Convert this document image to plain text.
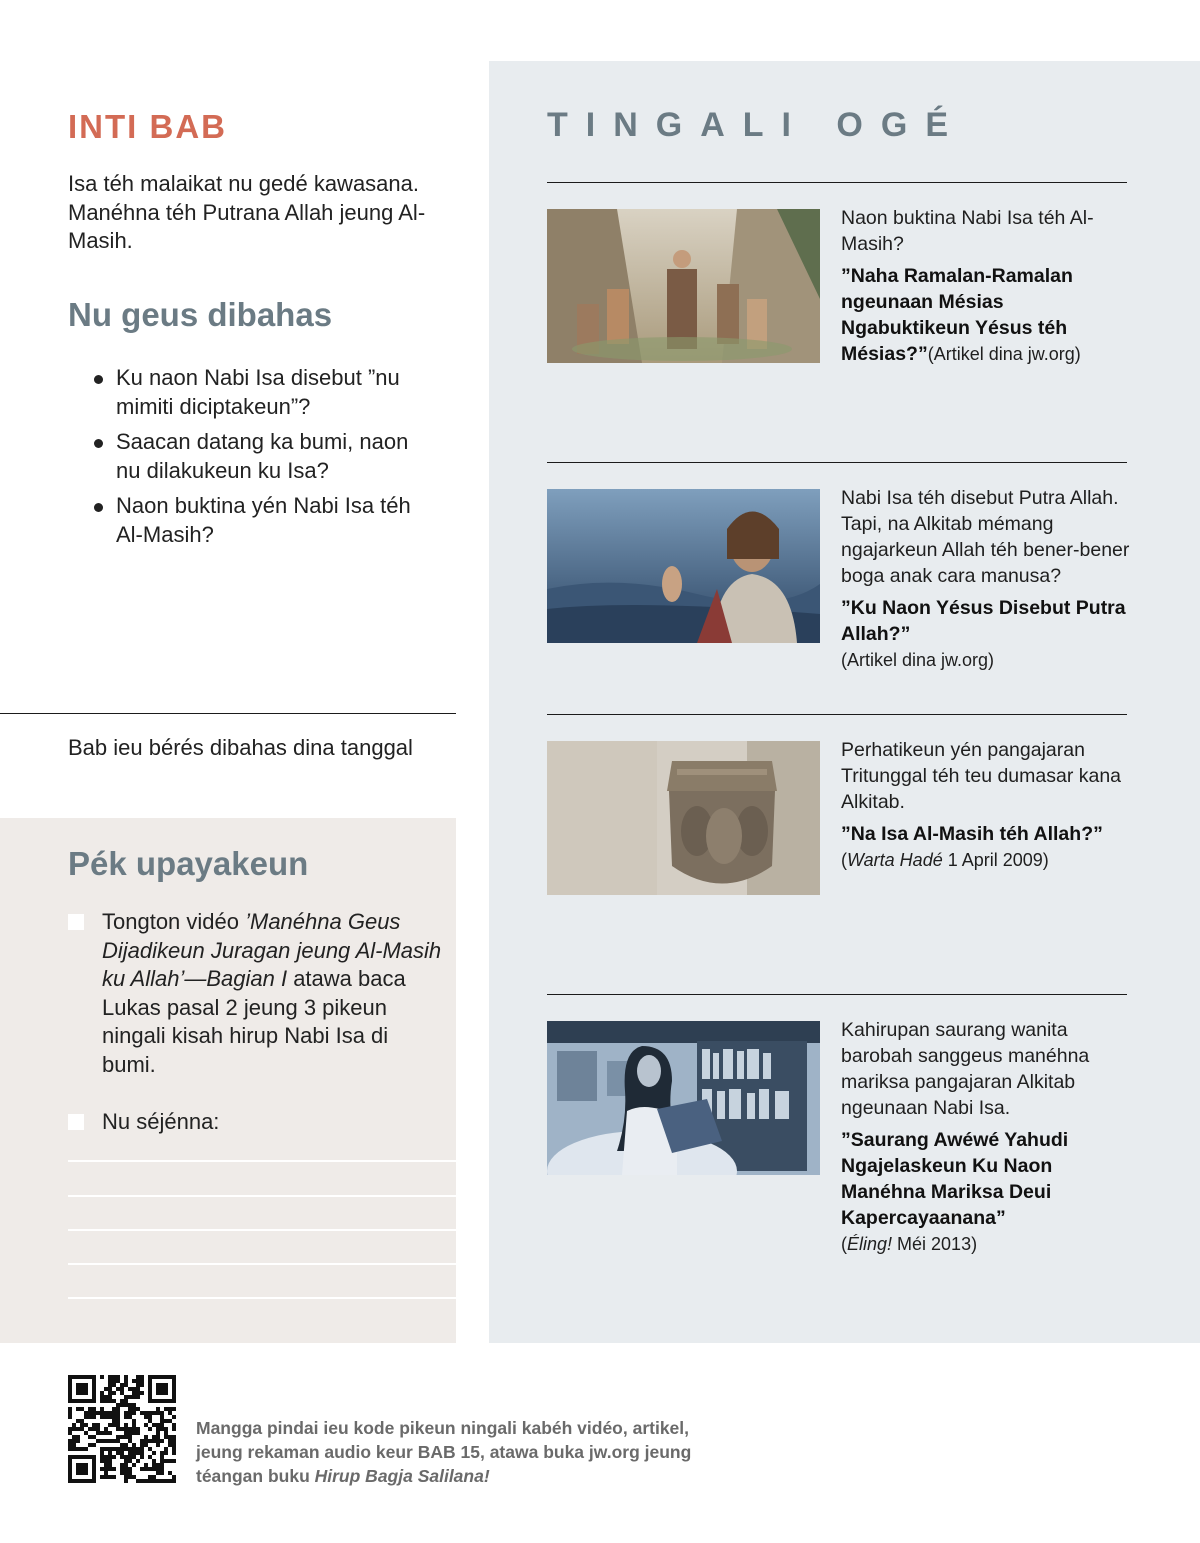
INTI BAB

Isa téh malaikat nu gedé kawasana. Manéhna téh Putrana Allah jeung Al-Masih.

Nu geus dibahas
Ku naon Nabi Isa disebut ”nu mimiti diciptakeun”?
Saacan datang ka bumi, naon nu dilakukeun ku Isa?
Naon buktina yén Nabi Isa téh Al-Masih?

Bab ieu bérés dibahas dina tanggal

Pék upayakeun
Tongton vidéo ’Manéhna Geus Dijadikeun Juragan jeung Al-Masih ku Allah’—Bagian I atawa baca Lukas pasal 2 jeung 3 pikeun ningali kisah hirup Nabi Isa di bumi.
Nu séjénna:
TINGALI OGÉ
Naon buktina Nabi Isa téh Al-Masih?
”Naha Ramalan-Ramalan ngeunaan Mésias Ngabuktikeun Yésus téh Mésias?”(Artikel dina jw.org)
Nabi Isa téh disebut Putra Allah. Tapi, na Alkitab mémang ngajarkeun Allah téh bener-bener boga anak cara manusa?
”Ku Naon Yésus Disebut Putra Allah?”
(Artikel dina jw.org)
Perhatikeun yén pangajaran Tritunggal téh teu dumasar kana Alkitab.
”Na Isa Al-Masih téh Allah?”
(Warta Hadé 1 April 2009)
Kahirupan saurang wanita barobah sanggeus manéhna mariksa pangajaran Alkitab ngeunaan Nabi Isa.
”Saurang Awéwé Yahudi Ngajelaskeun Ku Naon Manéhna Mariksa Deui Kapercayaanana”
(Éling! Méi 2013)

Mangga pindai ieu kode pikeun ningali kabéh vidéo, artikel, jeung rekaman audio keur BAB 15, atawa buka jw.org jeung téangan buku Hirup Bagja Salilana!
